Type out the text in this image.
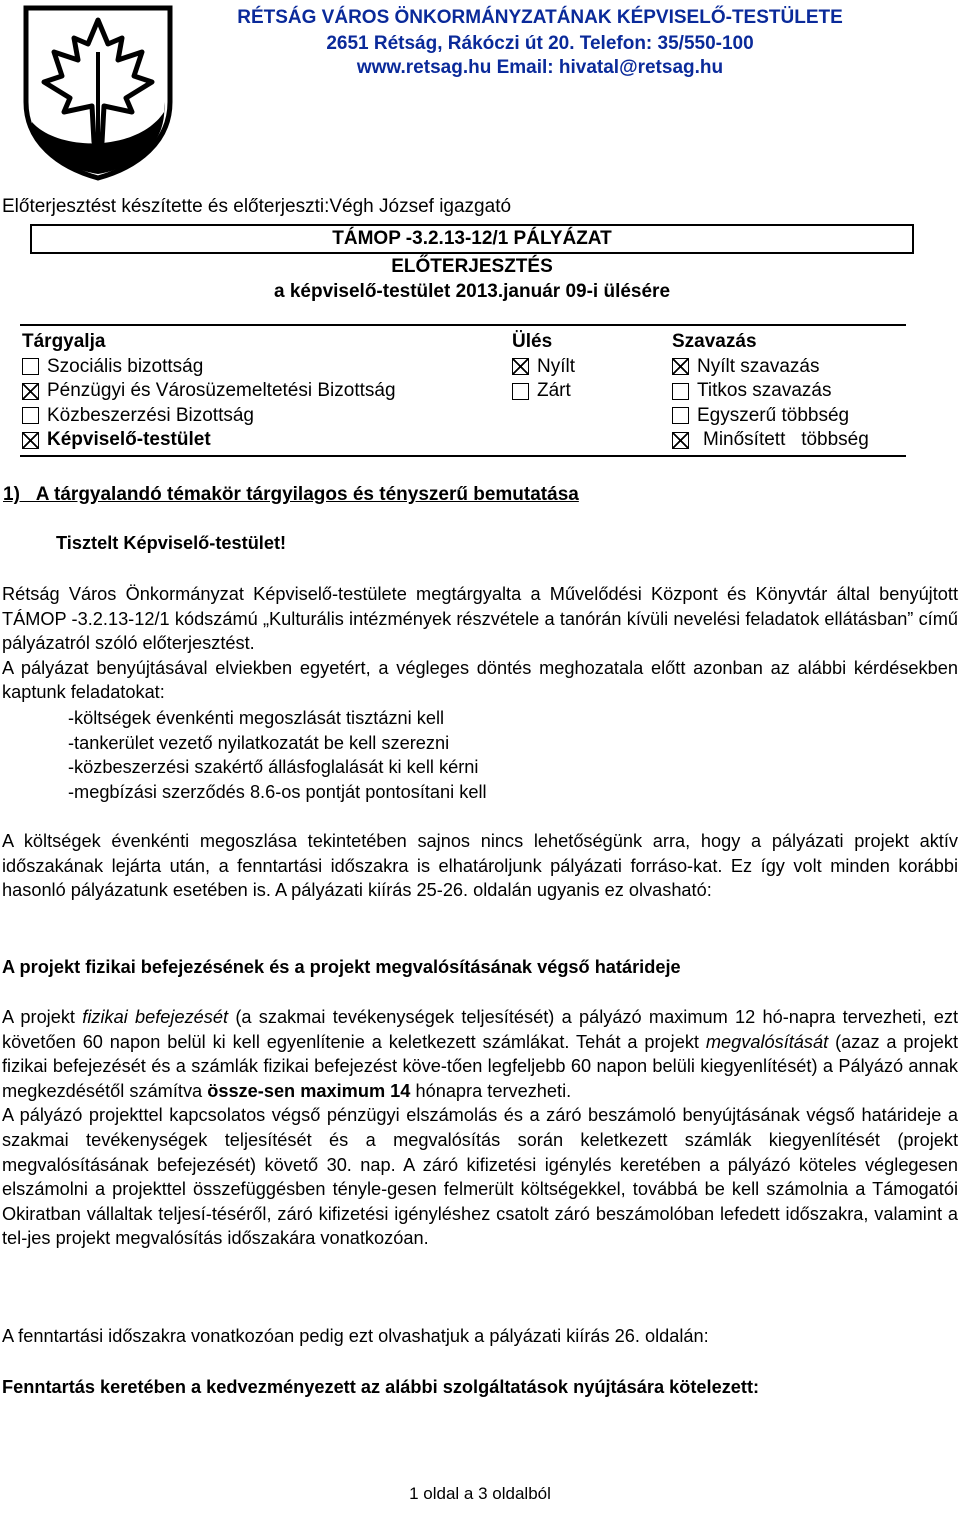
RÉTSÁG VÁROS ÖNKORMÁNYZATÁNAK KÉPVISELŐ-TESTÜLETE
2651 Rétság, Rákóczi út 20. Telefon: 35/550-100
www.retsag.hu Email: hivatal@retsag.hu
Előterjesztést készítette és előterjeszti:Végh József igazgató
TÁMOP -3.2.13-12/1 PÁLYÁZAT
ELŐTERJESZTÉS
a képviselő-testület 2013.január 09-i ülésére
Tárgyalja
Szociális bizottság
Pénzügyi és Városüzemeltetési Bizottság
Közbeszerzési Bizottság
Képviselő-testület
Ülés
Nyílt
Zárt
Szavazás
Nyílt szavazás
Titkos szavazás
Egyszerű többség
Minősített   többség
1)   A tárgyalandó témakör tárgyilagos és tényszerű bemutatása
Tisztelt Képviselő-testület!

Rétság Város Önkormányzat Képviselő-testülete megtárgyalta a Művelődési Központ és Könyvtár által benyújtott TÁMOP -3.2.13-12/1 kódszámú „Kulturális intézmények részvétele a tanórán kívüli nevelési feladatok ellátásban” című pályázatról szóló előterjesztést.

A pályázat benyújtásával elviekben egyetért, a végleges döntés meghozatala előtt azonban az alábbi kérdésekben kaptunk feladatokat:

-költségek évenkénti megoszlását tisztázni kell
-tankerület vezető nyilatkozatát be kell szerezni
-közbeszerzési szakértő állásfoglalását ki kell kérni
-megbízási szerződés 8.6-os pontját pontosítani kell
A költségek évenkénti megoszlása tekintetében sajnos nincs lehetőségünk arra, hogy a pályázati projekt aktív időszakának lejárta után, a fenntartási időszakra is elhatároljunk pályázati forráso-kat. Ez így volt minden korábbi hasonló pályázatunk esetében is. A pályázati kiírás 25-26. oldalán ugyanis ez olvasható:
A projekt fizikai befejezésének és a projekt megvalósításának végső határideje

A projekt fizikai befejezését (a szakmai tevékenységek teljesítését) a pályázó maximum 12 hó-napra tervezheti, ezt követően 60 napon belül ki kell egyenlítenie a keletkezett számlákat. Tehát a projekt megvalósítását (azaz a projekt fizikai befejezését és a számlák fizikai befejezést köve-tően legfeljebb 60 napon belüli kiegyenlítését) a Pályázó annak megkezdésétől számítva össze-sen maximum 14 hónapra tervezheti.

A pályázó projekttel kapcsolatos végső pénzügyi elszámolás és a záró beszámoló benyújtásának végső határideje a szakmai tevékenységek teljesítését és a megvalósítás során keletkezett számlák kiegyenlítését (projekt megvalósításának befejezését) követő 30. nap. A záró kifizetési igénylés keretében a pályázó köteles véglegesen elszámolni a projekttel összefüggésben tényle-gesen felmerült költségekkel, továbbá be kell számolnia a Támogatói Okiratban vállaltak teljesí-téséről, záró kifizetési igényléshez csatolt záró beszámolóban lefedett időszakra, valamint a tel-jes projekt megvalósítás időszakára vonatkozóan.

A fenntartási időszakra vonatkozóan pedig ezt olvashatjuk a pályázati kiírás 26. oldalán:
Fenntartás keretében a kedvezményezett az alábbi szolgáltatások nyújtására kötelezett:
1 oldal a 3 oldalból
